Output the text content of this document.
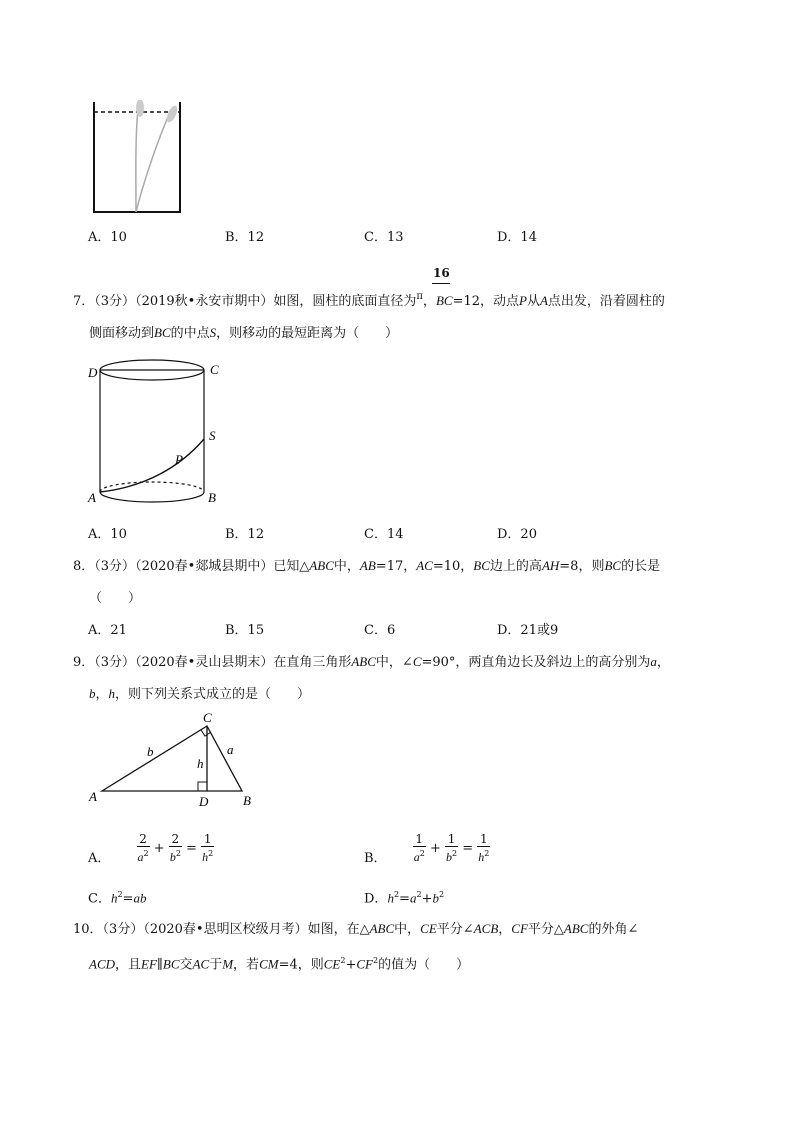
A．10	B．12	C．13	D．14
16
7．（3分）（2019秋•永安市期中）如图，圆柱的底面直径为$^\pi$，BC=12，动点P从A点出发，沿着圆柱的
侧面移动到BC的中点S，则移动的最短距离为（　　）
D	C
S
P
A	B
A．10	B．12	C．14	D．20
8．（3分）（2020春•郯城县期中）已知△ABC中，AB=17，AC=10，BC边上的高AH=8，则BC的长是
（　　）
A．21	B．15	C．6	D．21或9
9．（3分）（2020春•灵山县期末）在直角三角形ABC中，∠C=90°，两直角边长及斜边上的高分别为a，
b，h，则下列关系式成立的是（　　）
C
b	a
h
A	D	B
A． $\frac{2}{a^2} + \frac{2}{b^2} = \frac{1}{h^2}$	B． $\frac{1}{a^2} + \frac{1}{b^2} = \frac{1}{h^2}$
C．$h^2=ab$	D．$h^2=a^2+b^2$
10．（3分）（2020春•思明区校级月考）如图，在△ABC中，CE平分∠ACB，CF平分△ABC的外角∠
ACD，且EF∥BC交AC于M，若CM=4，则$CE^2+CF^2$的值为（　　）
